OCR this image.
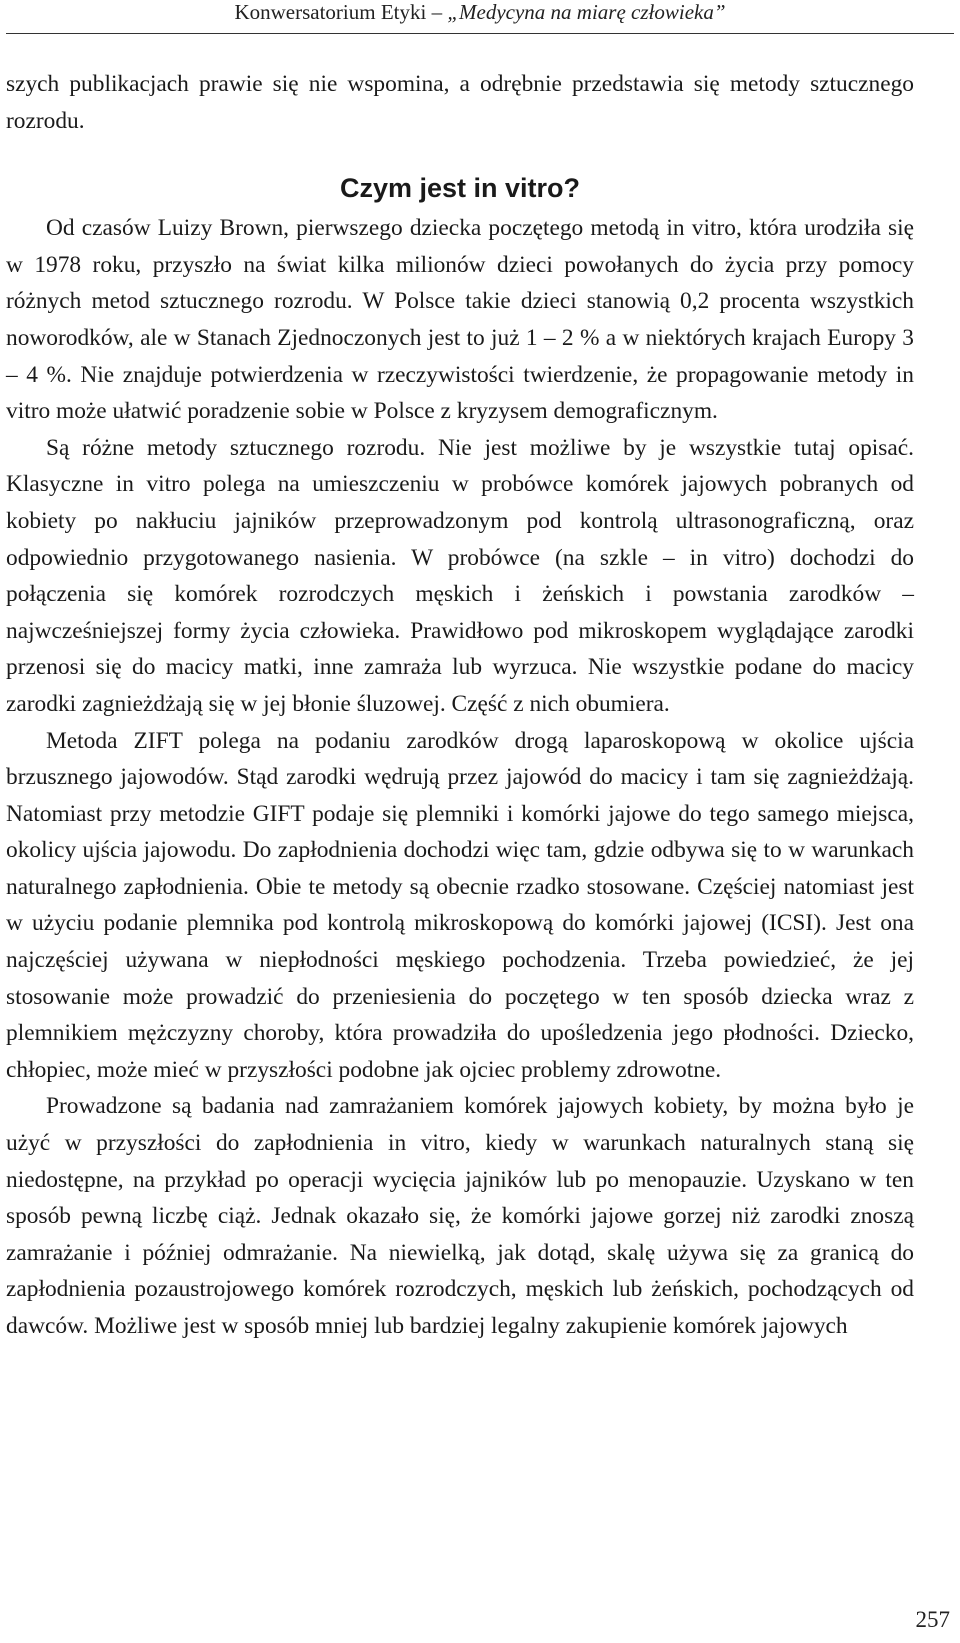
Konwersatorium Etyki – „Medycyna na miarę człowieka”

szych publikacjach prawie się nie wspomina, a odrębnie przedstawia się metody sztucznego rozrodu.

Czym jest in vitro?

Od czasów Luizy Brown, pierwszego dziecka poczętego metodą in vitro, która urodziła się w 1978 roku, przyszło na świat kilka milionów dzieci powołanych do życia przy pomocy różnych metod sztucznego rozrodu. W Polsce takie dzieci stanowią 0,2 procenta wszystkich noworodków, ale w Stanach Zjednoczonych jest to już 1 – 2 % a w niektórych krajach Europy 3 – 4 %. Nie znajduje potwierdzenia w rzeczywistości twierdzenie, że propagowanie metody in vitro może ułatwić poradzenie sobie w Polsce z kryzysem demograficznym.

Są różne metody sztucznego rozrodu. Nie jest możliwe by je wszystkie tutaj opisać. Klasyczne in vitro polega na umieszczeniu w probówce komórek jajowych pobranych od kobiety po nakłuciu jajników przeprowadzonym pod kontrolą ultrasonograficzną, oraz odpowiednio przygotowanego nasienia. W probówce (na szkle – in vitro) dochodzi do połączenia się komórek rozrodczych męskich i żeńskich i powstania zarodków – najwcześniejszej formy życia człowieka. Prawidłowo pod mikroskopem wyglądające zarodki przenosi się do macicy matki, inne zamraża lub wyrzuca. Nie wszystkie podane do macicy zarodki zagnieżdżają się w jej błonie śluzowej. Część z nich obumiera.

Metoda ZIFT polega na podaniu zarodków drogą laparoskopową w okolice ujścia brzusznego jajowodów. Stąd zarodki wędrują przez jajowód do macicy i tam się zagnieżdżają. Natomiast przy metodzie GIFT podaje się plemniki i komórki jajowe do tego samego miejsca, okolicy ujścia jajowodu. Do zapłodnienia dochodzi więc tam, gdzie odbywa się to w warunkach naturalnego zapłodnienia. Obie te metody są obecnie rzadko stosowane. Częściej natomiast jest w użyciu podanie plemnika pod kontrolą mikroskopową do komórki jajowej (ICSI). Jest ona najczęściej używana w niepłodności męskiego pochodzenia. Trzeba powiedzieć, że jej stosowanie może prowadzić do przeniesienia do poczętego w ten sposób dziecka wraz z plemnikiem mężczyzny choroby, która prowadziła do upośledzenia jego płodności. Dziecko, chłopiec, może mieć w przyszłości podobne jak ojciec problemy zdrowotne.

Prowadzone są badania nad zamrażaniem komórek jajowych kobiety, by można było je użyć w przyszłości do zapłodnienia in vitro, kiedy w warunkach naturalnych staną się niedostępne, na przykład po operacji wycięcia jajników lub po menopauzie. Uzyskano w ten sposób pewną liczbę ciąż. Jednak okazało się, że komórki jajowe gorzej niż zarodki znoszą zamrażanie i później odmrażanie. Na niewielką, jak dotąd, skalę używa się za granicą do zapłodnienia pozaustrojowego komórek rozrodczych, męskich lub żeńskich, pochodzących od dawców. Możliwe jest w sposób mniej lub bardziej legalny zakupienie komórek jajowych

257
